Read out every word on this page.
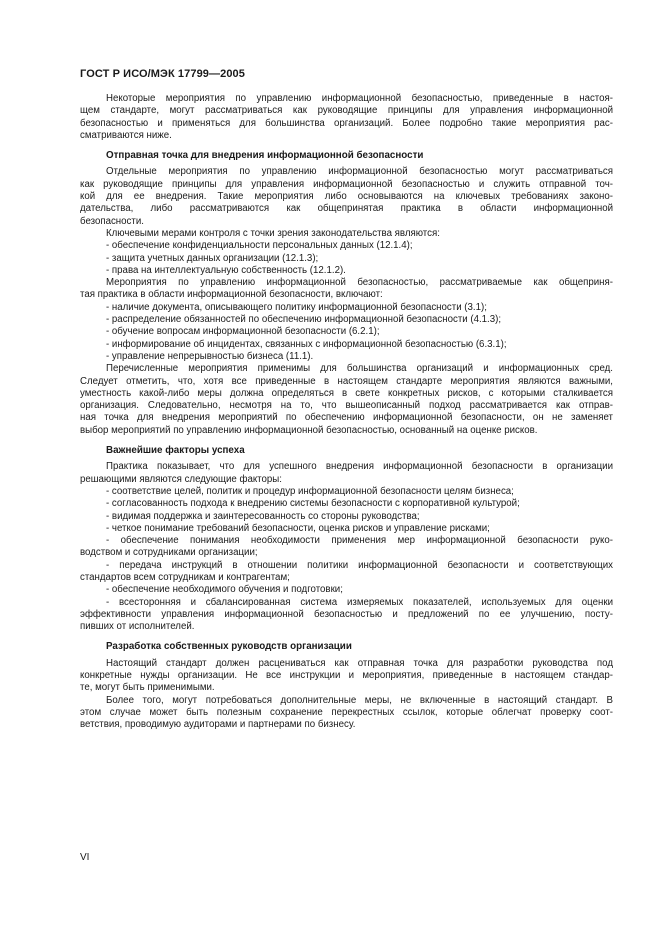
ГОСТ Р ИСО/МЭК 17799—2005

Некоторые мероприятия по управлению информационной безопасностью, приведенные в настоя-
щем стандарте, могут рассматриваться как руководящие принципы для управления информационной
безопасностью и применяться для большинства организаций. Более подробно такие мероприятия рас-
сматриваются ниже.

Отправная точка для внедрения информационной безопасности

Отдельные мероприятия по управлению информационной безопасностью могут рассматриваться
как руководящие принципы для управления информационной безопасностью и служить отправной точ-
кой для ее внедрения. Такие мероприятия либо основываются на ключевых требованиях законо-
дательства, либо рассматриваются как общепринятая практика в области информационной
безопасности.

Ключевыми мерами контроля с точки зрения законодательства являются:

- обеспечение конфиденциальности персональных данных (12.1.4);

- защита учетных данных организации (12.1.3);

- права на интеллектуальную собственность (12.1.2).

Мероприятия по управлению информационной безопасностью, рассматриваемые как общеприня-
тая практика в области информационной безопасности, включают:

- наличие документа, описывающего политику информационной безопасности (3.1);

- распределение обязанностей по обеспечению информационной безопасности (4.1.3);

- обучение вопросам информационной безопасности (6.2.1);

- информирование об инцидентах, связанных с информационной безопасностью (6.3.1);

- управление непрерывностью бизнеса (11.1).

Перечисленные мероприятия применимы для большинства организаций и информационных сред.
Следует отметить, что, хотя все приведенные в настоящем стандарте мероприятия являются важными,
уместность какой-либо меры должна определяться в свете конкретных рисков, с которыми сталкивается
организация. Следовательно, несмотря на то, что вышеописанный подход рассматривается как отправ-
ная точка для внедрения мероприятий по обеспечению информационной безопасности, он не заменяет
выбор мероприятий по управлению информационной безопасностью, основанный на оценке рисков.

Важнейшие факторы успеха

Практика показывает, что для успешного внедрения информационной безопасности в организации
решающими являются следующие факторы:

- соответствие целей, политик и процедур информационной безопасности целям бизнеса;

- согласованность подхода к внедрению системы безопасности с корпоративной культурой;

- видимая поддержка и заинтересованность со стороны руководства;

- четкое понимание требований безопасности, оценка рисков и управление рисками;

- обеспечение понимания необходимости применения мер информационной безопасности руко-
водством и сотрудниками организации;

- передача инструкций в отношении политики информационной безопасности и соответствующих
стандартов всем сотрудникам и контрагентам;

- обеспечение необходимого обучения и подготовки;

- всесторонняя и сбалансированная система измеряемых показателей, используемых для оценки
эффективности управления информационной безопасностью и предложений по ее улучшению, посту-
пивших от исполнителей.

Разработка собственных руководств организации

Настоящий стандарт должен расцениваться как отправная точка для разработки руководства под
конкретные нужды организации. Не все инструкции и мероприятия, приведенные в настоящем стандар-
те, могут быть применимыми.

Более того, могут потребоваться дополнительные меры, не включенные в настоящий стандарт. В
этом случае может быть полезным сохранение перекрестных ссылок, которые облегчат проверку соот-
ветствия, проводимую аудиторами и партнерами по бизнесу.

VI
